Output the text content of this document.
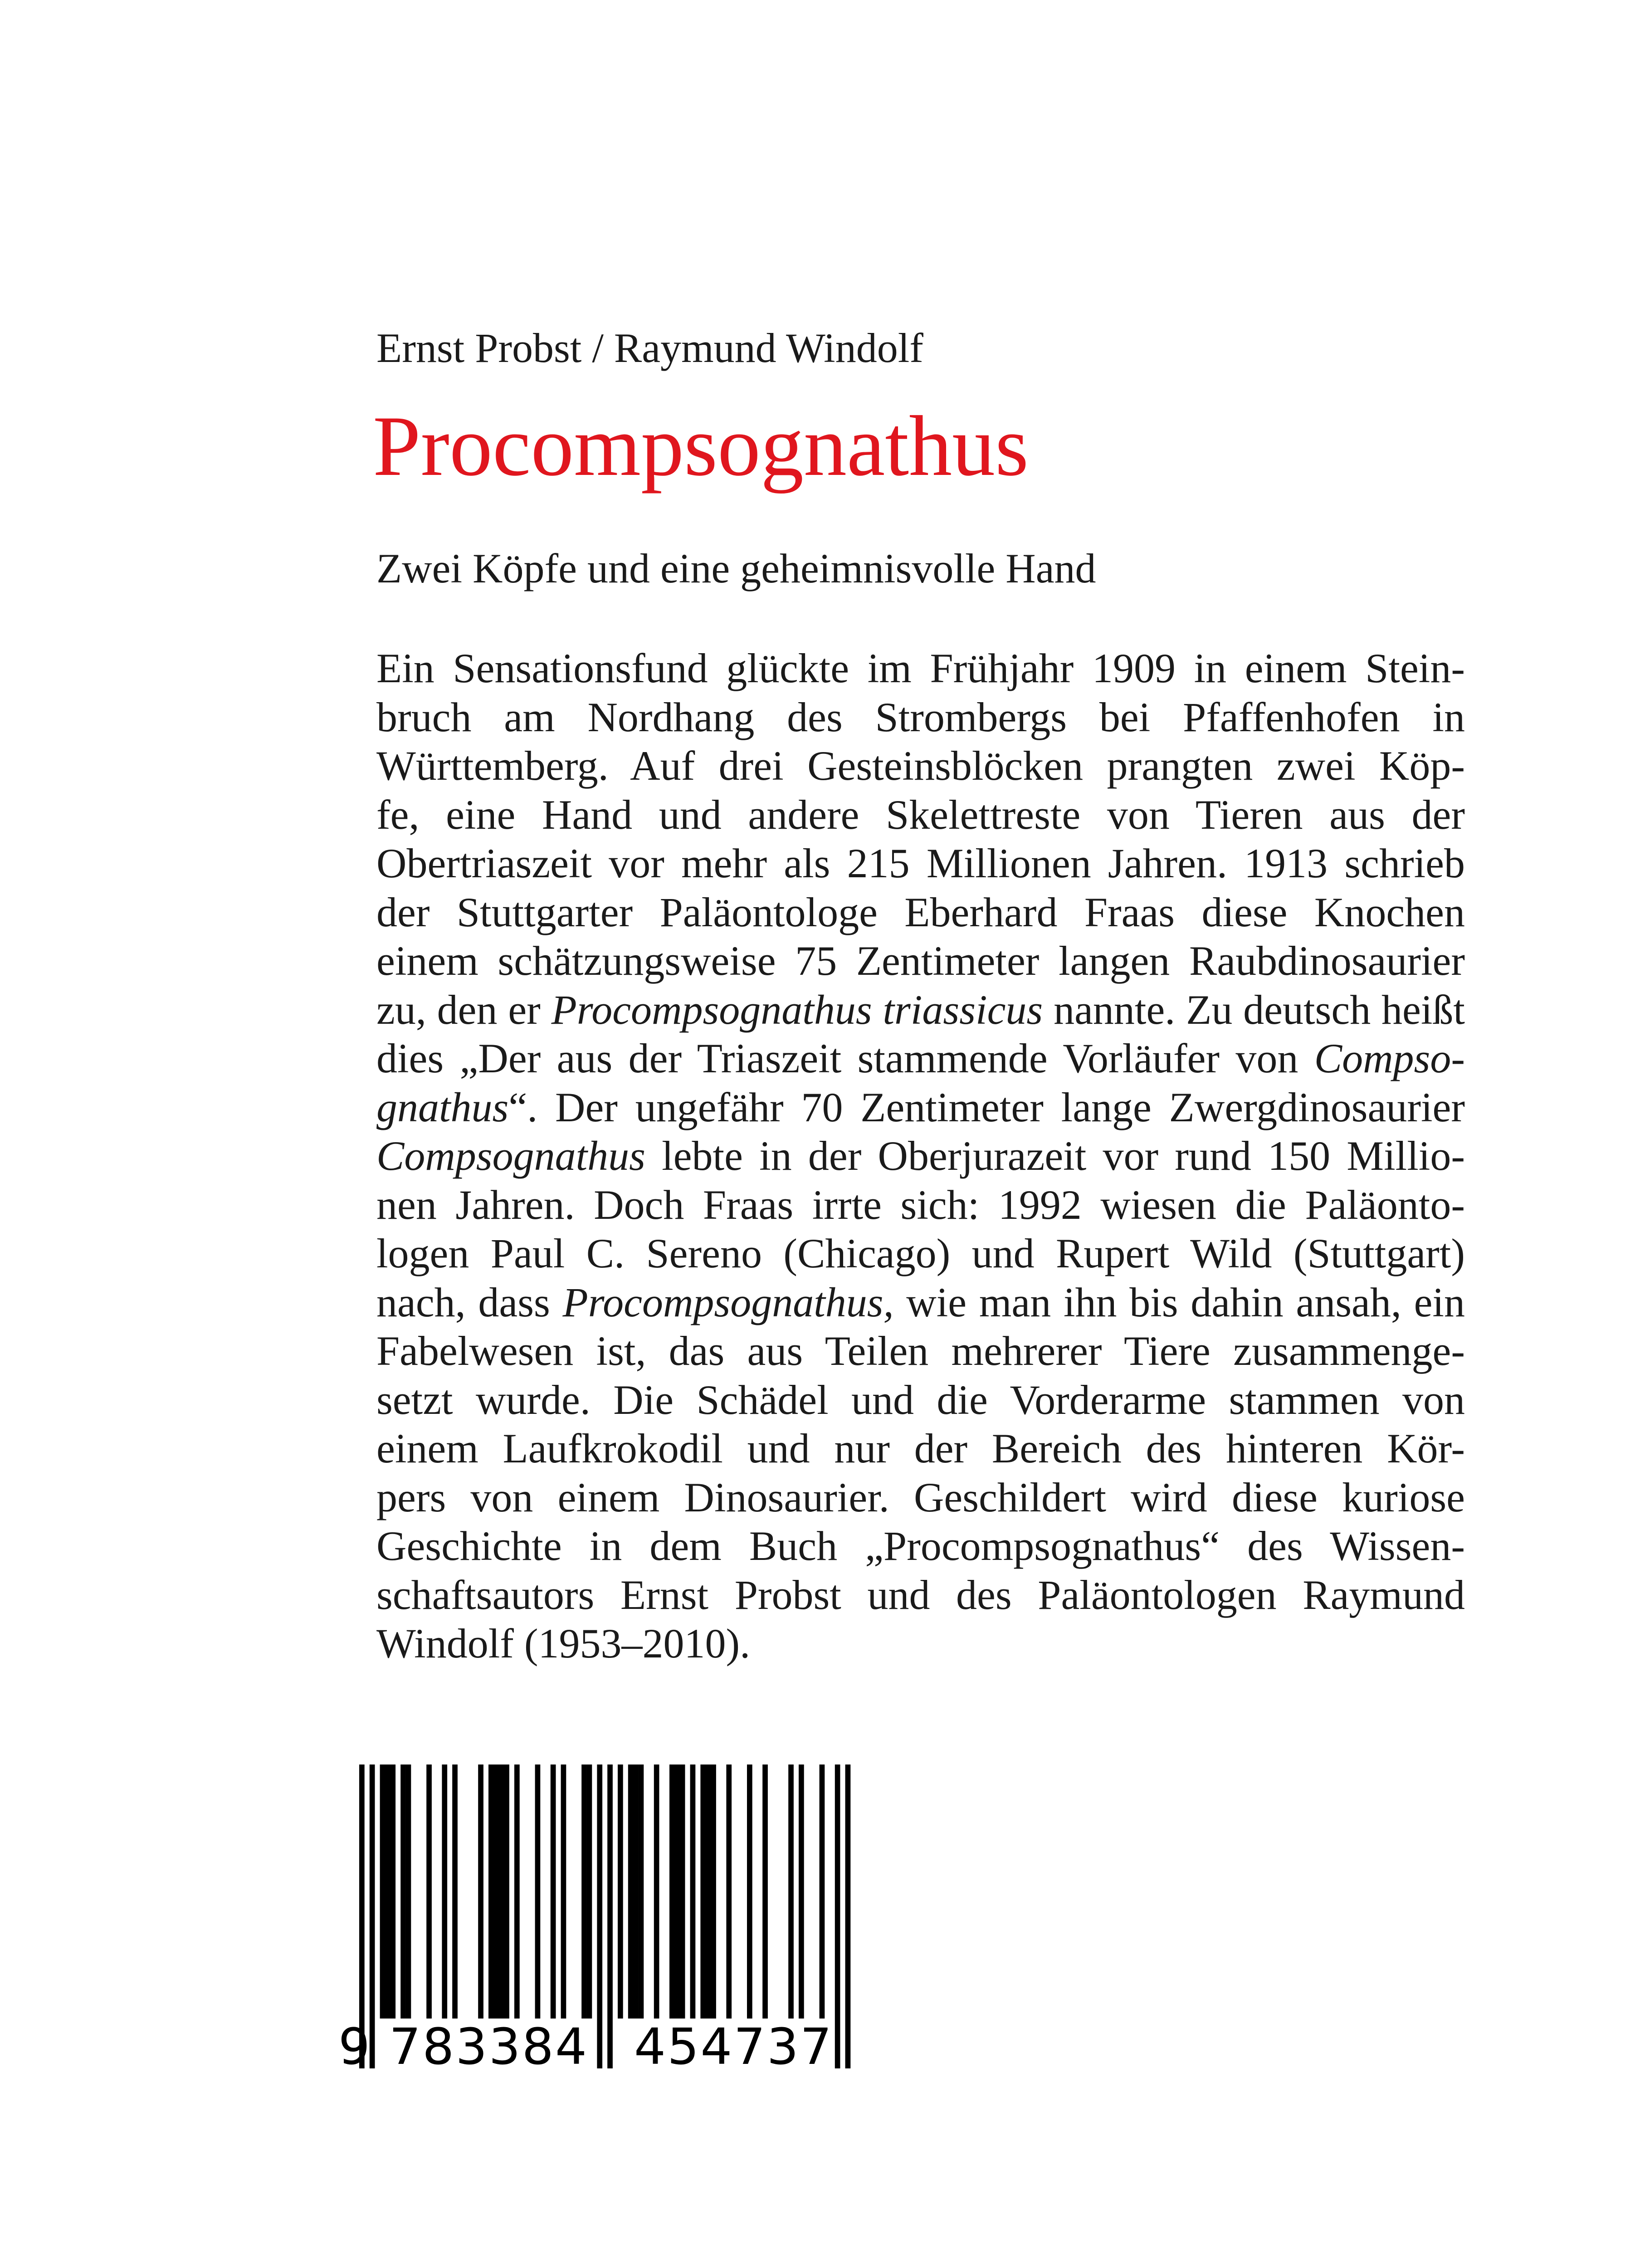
Ernst Probst / Raymund Windolf
Procompsognathus
Zwei Köpfe und eine geheimnisvolle Hand
Ein Sensationsfund glückte im Frühjahr 1909 in einem Stein-
bruch am Nordhang des Strombergs bei Pfaffenhofen in
Württemberg. Auf drei Gesteinsblöcken prangten zwei Köp-
fe, eine Hand und andere Skelettreste von Tieren aus der
Obertriaszeit vor mehr als 215 Millionen Jahren. 1913 schrieb
der Stuttgarter Paläontologe Eberhard Fraas diese Knochen
einem schätzungsweise 75 Zentimeter langen Raubdinosaurier
zu, den er Procompsognathus triassicus nannte. Zu deutsch heißt
dies „Der aus der Triaszeit stammende Vorläufer von Compso-
gnathus“. Der ungefähr 70 Zentimeter lange Zwergdinosaurier
Compsognathus lebte in der Oberjurazeit vor rund 150 Millio-
nen Jahren. Doch Fraas irrte sich: 1992 wiesen die Paläonto-
logen Paul C. Sereno (Chicago) und Rupert Wild (Stuttgart)
nach, dass Procompsognathus, wie man ihn bis dahin ansah, ein
Fabelwesen ist, das aus Teilen mehrerer Tiere zusammenge-
setzt wurde. Die Schädel und die Vorderarme stammen von
einem Laufkrokodil und nur der Bereich des hinteren Kör-
pers von einem Dinosaurier. Geschildert wird diese kuriose
Geschichte in dem Buch „Procompsognathus“ des Wissen-
schaftsautors Ernst Probst und des Paläontologen Raymund
Windolf (1953–2010).
9 783384 454737
